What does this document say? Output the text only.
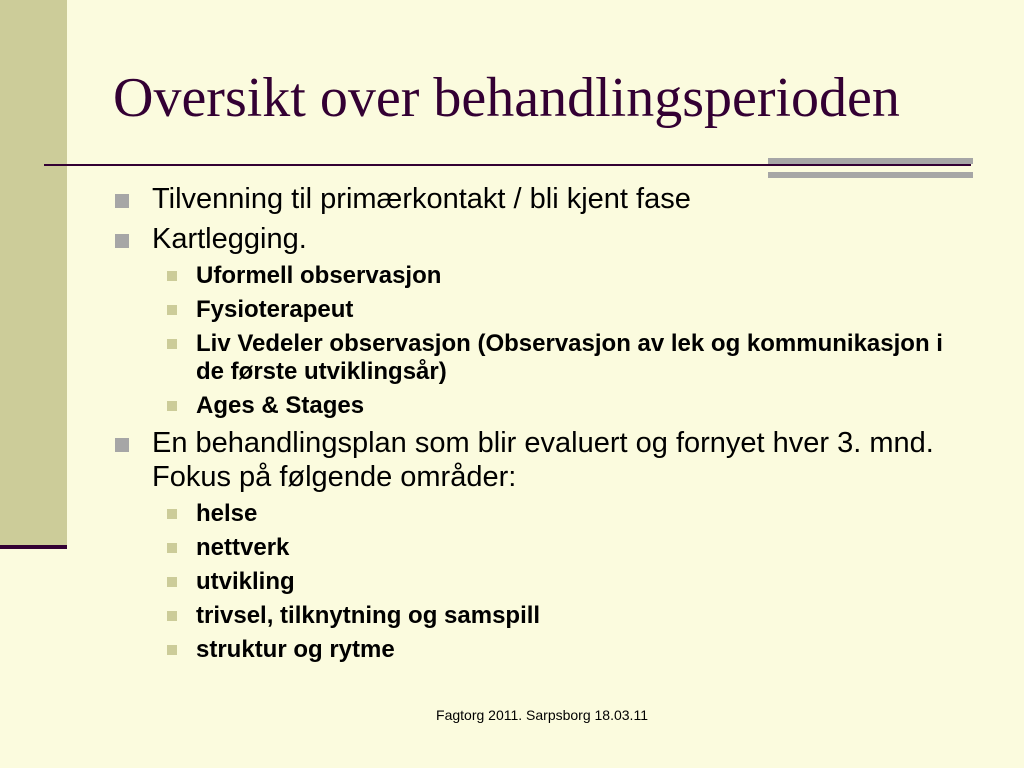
Oversikt over behandlingsperioden
Tilvenning til primærkontakt / bli kjent fase
Kartlegging.
Uformell observasjon
Fysioterapeut
Liv Vedeler observasjon (Observasjon av lek og kommunikasjon i de første utviklingsår)
Ages & Stages
En behandlingsplan som blir evaluert og fornyet hver 3. mnd. Fokus på følgende områder:
helse
nettverk
utvikling
trivsel, tilknytning og samspill
struktur og rytme
Fagtorg 2011. Sarpsborg 18.03.11
